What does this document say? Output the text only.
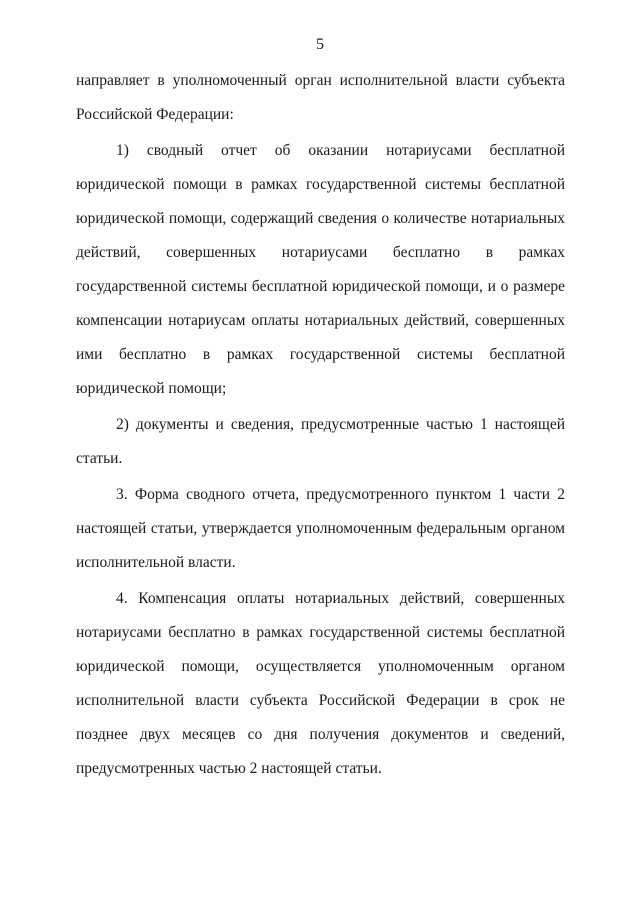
5

направляет в уполномоченный орган исполнительной власти субъекта Российской Федерации:

1) сводный отчет об оказании нотариусами бесплатной юридической помощи в рамках государственной системы бесплатной юридической помощи, содержащий сведения о количестве нотариальных действий, совершенных нотариусами бесплатно в рамках государственной системы бесплатной юридической помощи, и о размере компенсации нотариусам оплаты нотариальных действий, совершенных ими бесплатно в рамках государственной системы бесплатной юридической помощи;

2) документы и сведения, предусмотренные частью 1 настоящей статьи.

3. Форма сводного отчета, предусмотренного пунктом 1 части 2 настоящей статьи, утверждается уполномоченным федеральным органом исполнительной власти.

4. Компенсация оплаты нотариальных действий, совершенных нотариусами бесплатно в рамках государственной системы бесплатной юридической помощи, осуществляется уполномоченным органом исполнительной власти субъекта Российской Федерации в срок не позднее двух месяцев со дня получения документов и сведений, предусмотренных частью 2 настоящей статьи.
